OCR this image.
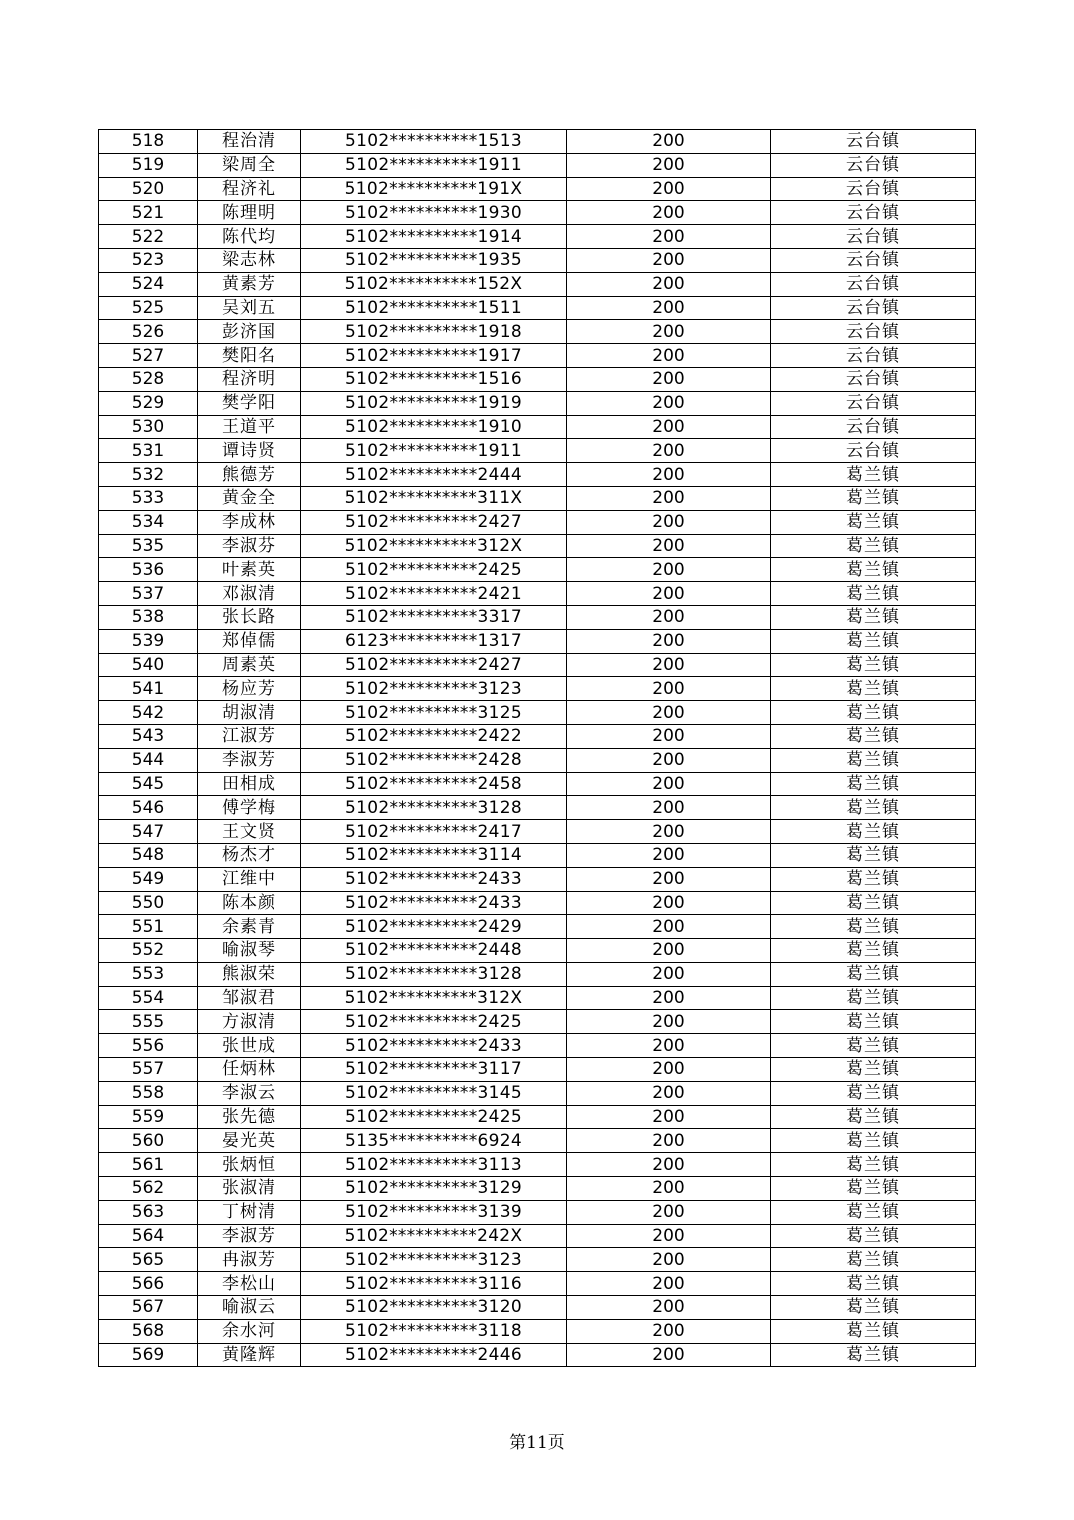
518	程治清	5102**********1513	200	云台镇
519	梁周全	5102**********1911	200	云台镇
520	程济礼	5102**********191X	200	云台镇
521	陈理明	5102**********1930	200	云台镇
522	陈代均	5102**********1914	200	云台镇
523	梁志林	5102**********1935	200	云台镇
524	黄素芳	5102**********152X	200	云台镇
525	吴刘五	5102**********1511	200	云台镇
526	彭济国	5102**********1918	200	云台镇
527	樊阳名	5102**********1917	200	云台镇
528	程济明	5102**********1516	200	云台镇
529	樊学阳	5102**********1919	200	云台镇
530	王道平	5102**********1910	200	云台镇
531	谭诗贤	5102**********1911	200	云台镇
532	熊德芳	5102**********2444	200	葛兰镇
533	黄金全	5102**********311X	200	葛兰镇
534	李成林	5102**********2427	200	葛兰镇
535	李淑芬	5102**********312X	200	葛兰镇
536	叶素英	5102**********2425	200	葛兰镇
537	邓淑清	5102**********2421	200	葛兰镇
538	张长路	5102**********3317	200	葛兰镇
539	郑倬儒	6123**********1317	200	葛兰镇
540	周素英	5102**********2427	200	葛兰镇
541	杨应芳	5102**********3123	200	葛兰镇
542	胡淑清	5102**********3125	200	葛兰镇
543	江淑芳	5102**********2422	200	葛兰镇
544	李淑芳	5102**********2428	200	葛兰镇
545	田相成	5102**********2458	200	葛兰镇
546	傅学梅	5102**********3128	200	葛兰镇
547	王文贤	5102**********2417	200	葛兰镇
548	杨杰才	5102**********3114	200	葛兰镇
549	江维中	5102**********2433	200	葛兰镇
550	陈本颜	5102**********2433	200	葛兰镇
551	余素青	5102**********2429	200	葛兰镇
552	喻淑琴	5102**********2448	200	葛兰镇
553	熊淑荣	5102**********3128	200	葛兰镇
554	邹淑君	5102**********312X	200	葛兰镇
555	方淑清	5102**********2425	200	葛兰镇
556	张世成	5102**********2433	200	葛兰镇
557	任炳林	5102**********3117	200	葛兰镇
558	李淑云	5102**********3145	200	葛兰镇
559	张先德	5102**********2425	200	葛兰镇
560	晏光英	5135**********6924	200	葛兰镇
561	张炳恒	5102**********3113	200	葛兰镇
562	张淑清	5102**********3129	200	葛兰镇
563	丁树清	5102**********3139	200	葛兰镇
564	李淑芳	5102**********242X	200	葛兰镇
565	冉淑芳	5102**********3123	200	葛兰镇
566	李松山	5102**********3116	200	葛兰镇
567	喻淑云	5102**********3120	200	葛兰镇
568	余水河	5102**********3118	200	葛兰镇
569	黄隆辉	5102**********2446	200	葛兰镇
第11页
